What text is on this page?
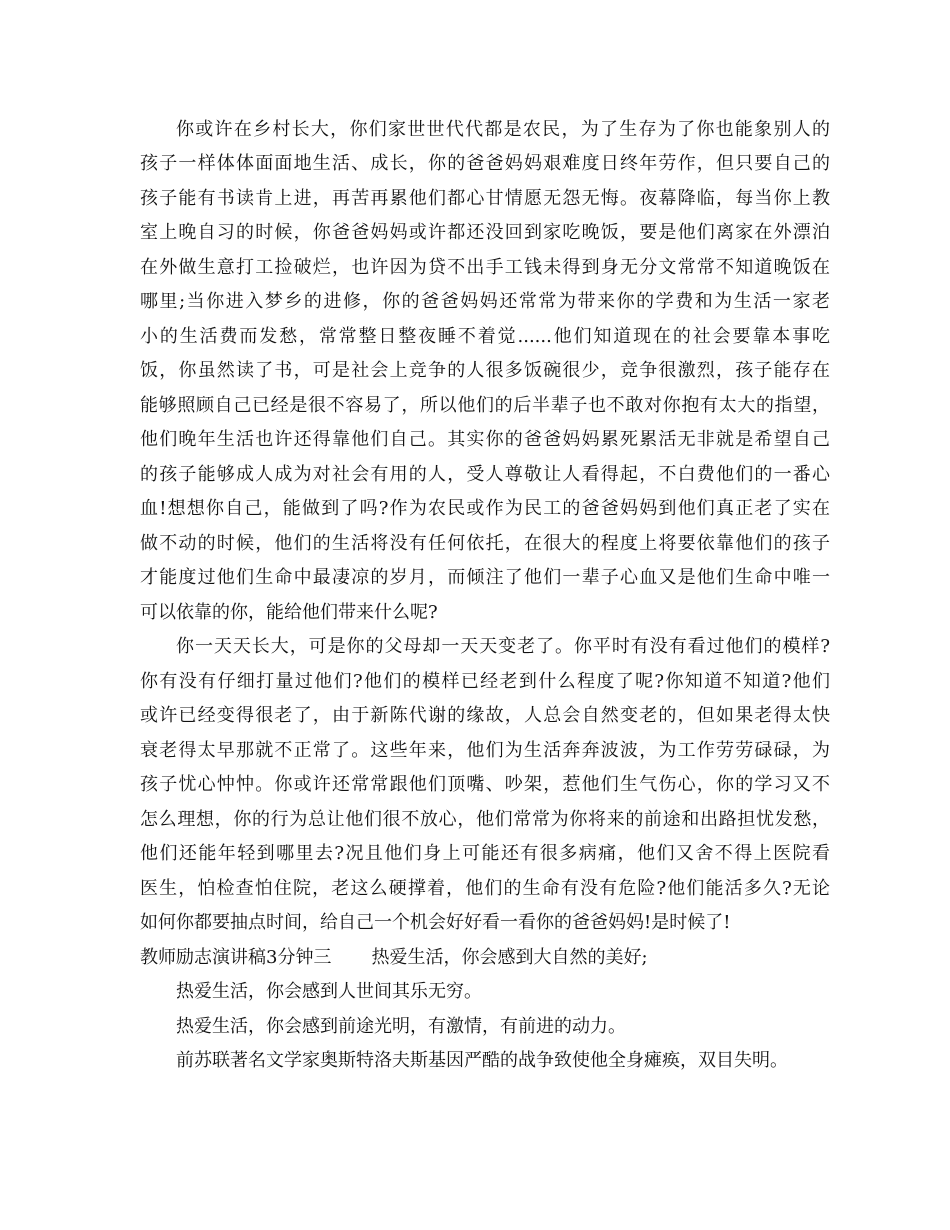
你或许在乡村长大，你们家世世代代都是农民，为了生存为了你也能象别人的
孩子一样体体面面地生活、成长，你的爸爸妈妈艰难度日终年劳作，但只要自己的
孩子能有书读肯上进，再苦再累他们都心甘情愿无怨无悔。夜幕降临，每当你上教
室上晚自习的时候，你爸爸妈妈或许都还没回到家吃晚饭，要是他们离家在外漂泊
在外做生意打工捡破烂，也许因为贷不出手工钱未得到身无分文常常不知道晚饭在
哪里;当你进入梦乡的进修，你的爸爸妈妈还常常为带来你的学费和为生活一家老
小的生活费而发愁，常常整日整夜睡不着觉......他们知道现在的社会要靠本事吃
饭，你虽然读了书，可是社会上竞争的人很多饭碗很少，竞争很激烈，孩子能存在
能够照顾自己已经是很不容易了，所以他们的后半辈子也不敢对你抱有太大的指望，
他们晚年生活也许还得靠他们自己。其实你的爸爸妈妈累死累活无非就是希望自己
的孩子能够成人成为对社会有用的人，受人尊敬让人看得起，不白费他们的一番心
血!想想你自己，能做到了吗?作为农民或作为民工的爸爸妈妈到他们真正老了实在
做不动的时候，他们的生活将没有任何依托，在很大的程度上将要依靠他们的孩子
才能度过他们生命中最凄凉的岁月，而倾注了他们一辈子心血又是他们生命中唯一
可以依靠的你，能给他们带来什么呢?
你一天天长大，可是你的父母却一天天变老了。你平时有没有看过他们的模样?
你有没有仔细打量过他们?他们的模样已经老到什么程度了呢?你知道不知道?他们
或许已经变得很老了，由于新陈代谢的缘故，人总会自然变老的，但如果老得太快
衰老得太早那就不正常了。这些年来，他们为生活奔奔波波，为工作劳劳碌碌，为
孩子忧心忡忡。你或许还常常跟他们顶嘴、吵架，惹他们生气伤心，你的学习又不
怎么理想，你的行为总让他们很不放心，他们常常为你将来的前途和出路担忧发愁，
他们还能年轻到哪里去?况且他们身上可能还有很多病痛，他们又舍不得上医院看
医生，怕检查怕住院，老这么硬撑着，他们的生命有没有危险?他们能活多久?无论
如何你都要抽点时间，给自己一个机会好好看一看你的爸爸妈妈!是时候了!
教师励志演讲稿3分钟三 热爱生活，你会感到大自然的美好;
热爱生活，你会感到人世间其乐无穷。
热爱生活，你会感到前途光明，有激情，有前进的动力。
前苏联著名文学家奥斯特洛夫斯基因严酷的战争致使他全身瘫痪，双目失明。
